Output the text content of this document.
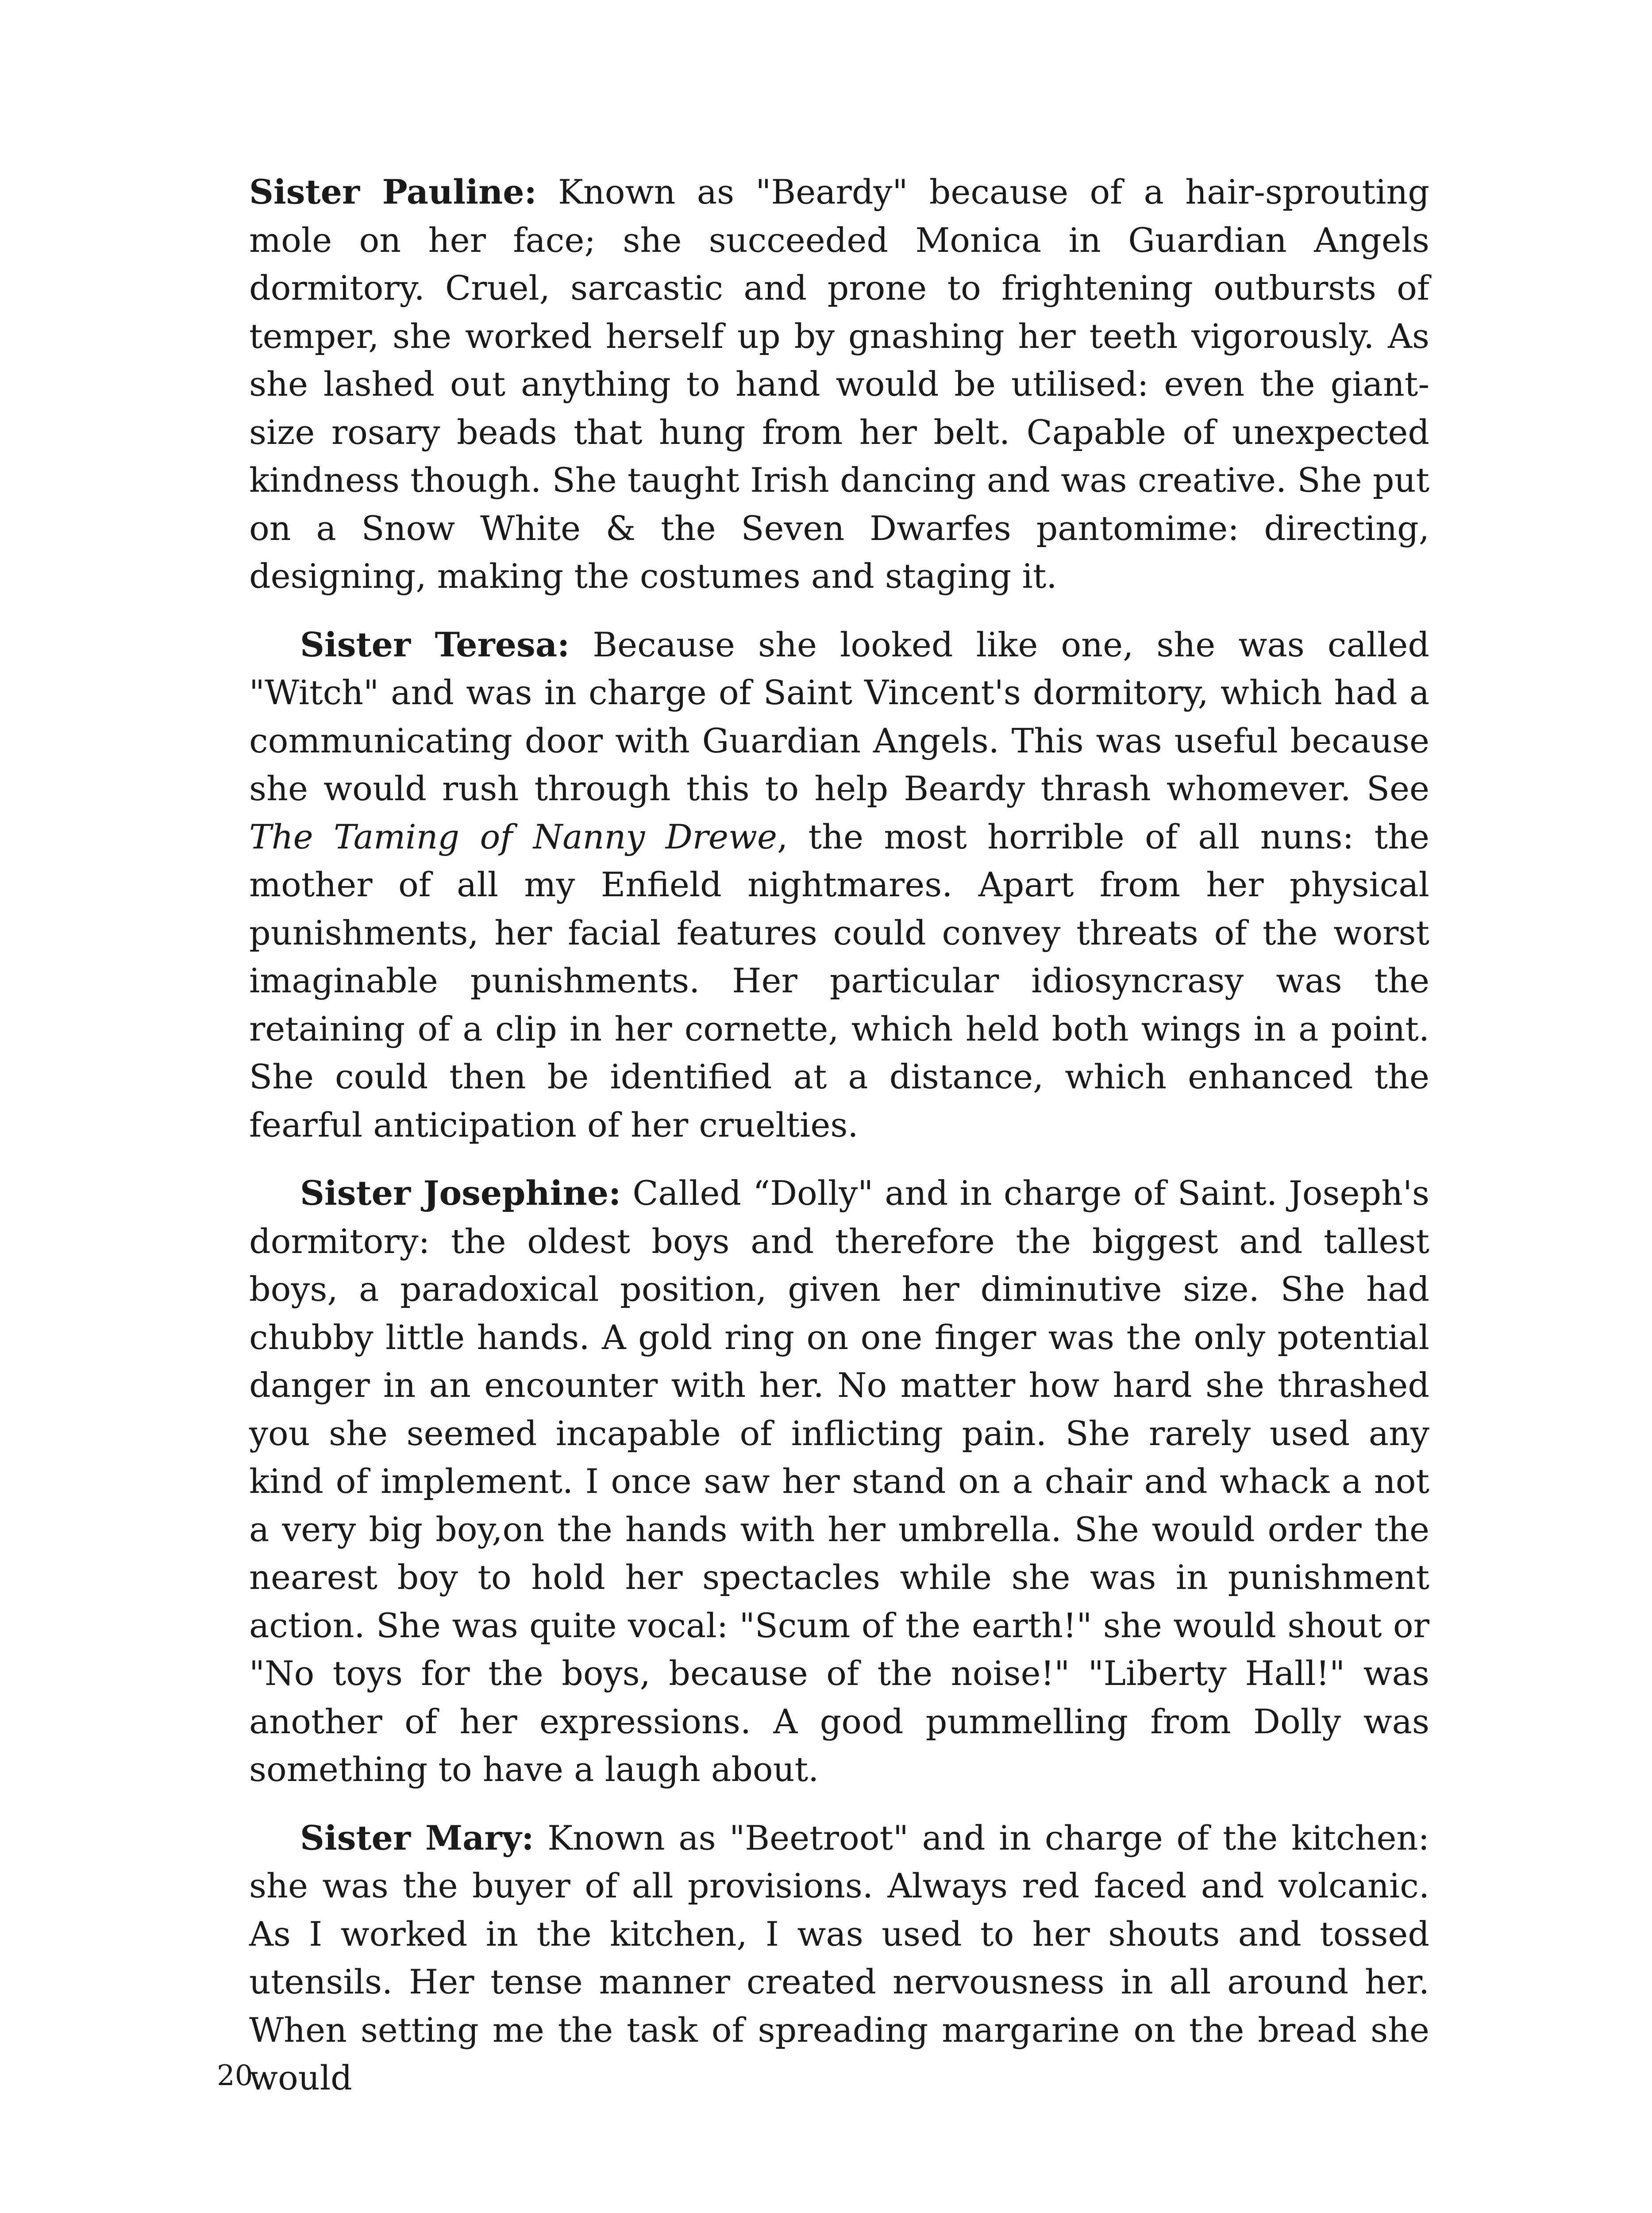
Sister Pauline: Known as "Beardy" because of a hair-sprouting mole on her face; she succeeded Monica in Guardian Angels dormitory. Cruel, sarcastic and prone to frightening outbursts of temper, she worked herself up by gnashing her teeth vigorously. As she lashed out anything to hand would be utilised: even the giant-size rosary beads that hung from her belt. Capable of unexpected kindness though. She taught Irish dancing and was creative. She put on a Snow White & the Seven Dwarfes pantomime: directing, designing, making the costumes and staging it.

Sister Teresa: Because she looked like one, she was called "Witch" and was in charge of Saint Vincent's dormitory, which had a communicating door with Guardian Angels. This was useful because she would rush through this to help Beardy thrash whomever. See The Taming of Nanny Drewe, the most horrible of all nuns: the mother of all my Enfield nightmares. Apart from her physical punishments, her facial features could convey threats of the worst imaginable punishments. Her particular idiosyncrasy was the retaining of a clip in her cornette, which held both wings in a point. She could then be identified at a distance, which enhanced the fearful anticipation of her cruelties.

Sister Josephine: Called “Dolly" and in charge of Saint. Joseph's dormitory: the oldest boys and therefore the biggest and tallest boys, a paradoxical position, given her diminutive size. She had chubby little hands. A gold ring on one finger was the only potential danger in an encounter with her. No matter how hard she thrashed you she seemed incapable of inflicting pain. She rarely used any kind of implement. I once saw her stand on a chair and whack a not a very big boy,on the hands with her umbrella. She would order the nearest boy to hold her spectacles while she was in punishment action. She was quite vocal: "Scum of the earth!" she would shout or "No toys for the boys, because of the noise!" "Liberty Hall!" was another of her expressions. A good pummelling from Dolly was something to have a laugh about.

Sister Mary: Known as "Beetroot" and in charge of the kitchen: she was the buyer of all provisions. Always red faced and volcanic. As I worked in the kitchen, I was used to her shouts and tossed utensils. Her tense manner created nervousness in all around her. When setting me the task of spreading margarine on the bread she would

20
